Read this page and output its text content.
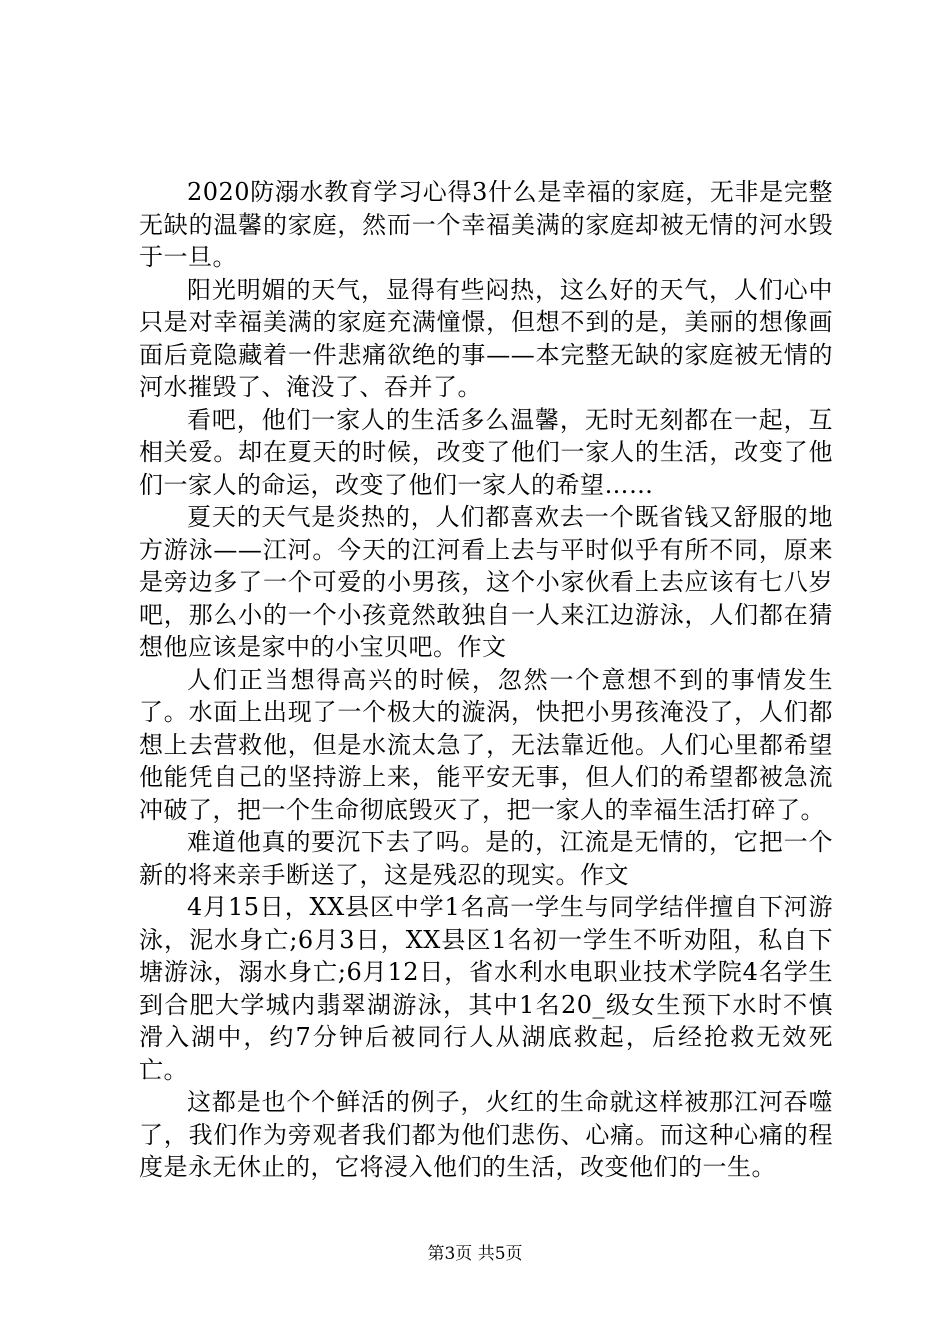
2020防溺水教育学习心得3什么是幸福的家庭，无非是完整无缺的温馨的家庭，然而一个幸福美满的家庭却被无情的河水毁于一旦。

阳光明媚的天气，显得有些闷热，这么好的天气，人们心中只是对幸福美满的家庭充满憧憬，但想不到的是，美丽的想像画面后竟隐藏着一件悲痛欲绝的事——本完整无缺的家庭被无情的河水摧毁了、淹没了、吞并了。

看吧，他们一家人的生活多么温馨，无时无刻都在一起，互相关爱。却在夏天的时候，改变了他们一家人的生活，改变了他们一家人的命运，改变了他们一家人的希望……

夏天的天气是炎热的，人们都喜欢去一个既省钱又舒服的地方游泳——江河。今天的江河看上去与平时似乎有所不同，原来是旁边多了一个可爱的小男孩，这个小家伙看上去应该有七八岁吧，那么小的一个小孩竟然敢独自一人来江边游泳，人们都在猜想他应该是家中的小宝贝吧。作文

人们正当想得高兴的时候，忽然一个意想不到的事情发生了。水面上出现了一个极大的漩涡，快把小男孩淹没了，人们都想上去营救他，但是水流太急了，无法靠近他。人们心里都希望他能凭自己的坚持游上来，能平安无事，但人们的希望都被急流冲破了，把一个生命彻底毁灭了，把一家人的幸福生活打碎了。

难道他真的要沉下去了吗。是的，江流是无情的，它把一个新的将来亲手断送了，这是残忍的现实。作文

4月15日，XX县区中学1名高一学生与同学结伴擅自下河游泳，泥水身亡;6月3日，XX县区1名初一学生不听劝阻，私自下塘游泳，溺水身亡;6月12日，省水利水电职业技术学院4名学生到合肥大学城内翡翠湖游泳，其中1名20_级女生预下水时不慎滑入湖中，约7分钟后被同行人从湖底救起，后经抢救无效死亡。

这都是也个个鲜活的例子，火红的生命就这样被那江河吞噬了，我们作为旁观者我们都为他们悲伤、心痛。而这种心痛的程度是永无休止的，它将浸入他们的生活，改变他们的一生。

第3页 共5页
